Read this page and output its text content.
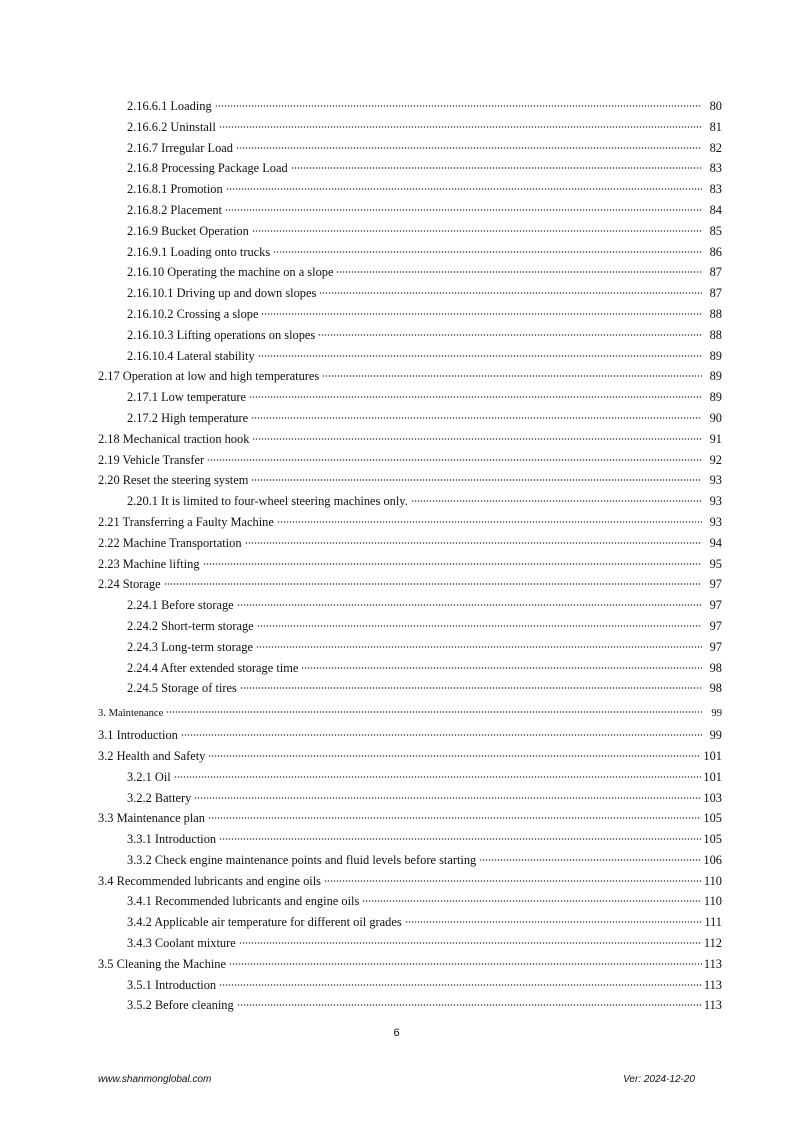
2.16.6.1 Loading	80
2.16.6.2 Uninstall	81
2.16.7 Irregular Load	82
2.16.8 Processing Package Load	83
2.16.8.1 Promotion	83
2.16.8.2 Placement	84
2.16.9 Bucket Operation	85
2.16.9.1 Loading onto trucks	86
2.16.10 Operating the machine on a slope	87
2.16.10.1 Driving up and down slopes	87
2.16.10.2 Crossing a slope	88
2.16.10.3 Lifting operations on slopes	88
2.16.10.4 Lateral stability	89
2.17 Operation at low and high temperatures	89
2.17.1 Low temperature	89
2.17.2 High temperature	90
2.18 Mechanical traction hook	91
2.19 Vehicle Transfer	92
2.20 Reset the steering system	93
2.20.1 It is limited to four-wheel steering machines only.	93
2.21 Transferring a Faulty Machine	93
2.22 Machine Transportation	94
2.23 Machine lifting	95
2.24 Storage	97
2.24.1 Before storage	97
2.24.2 Short-term storage	97
2.24.3 Long-term storage	97
2.24.4 After extended storage time	98
2.24.5 Storage of tires	98
3. Maintenance	99
3.1 Introduction	99
3.2 Health and Safety	101
3.2.1 Oil	101
3.2.2 Battery	103
3.3 Maintenance plan	105
3.3.1 Introduction	105
3.3.2 Check engine maintenance points and fluid levels before starting	106
3.4 Recommended lubricants and engine oils	110
3.4.1 Recommended lubricants and engine oils	110
3.4.2 Applicable air temperature for different oil grades	111
3.4.3 Coolant mixture	112
3.5 Cleaning the Machine	113
3.5.1 Introduction	113
3.5.2 Before cleaning	113
6
www.shanmonglobal.com	Ver: 2024-12-20
